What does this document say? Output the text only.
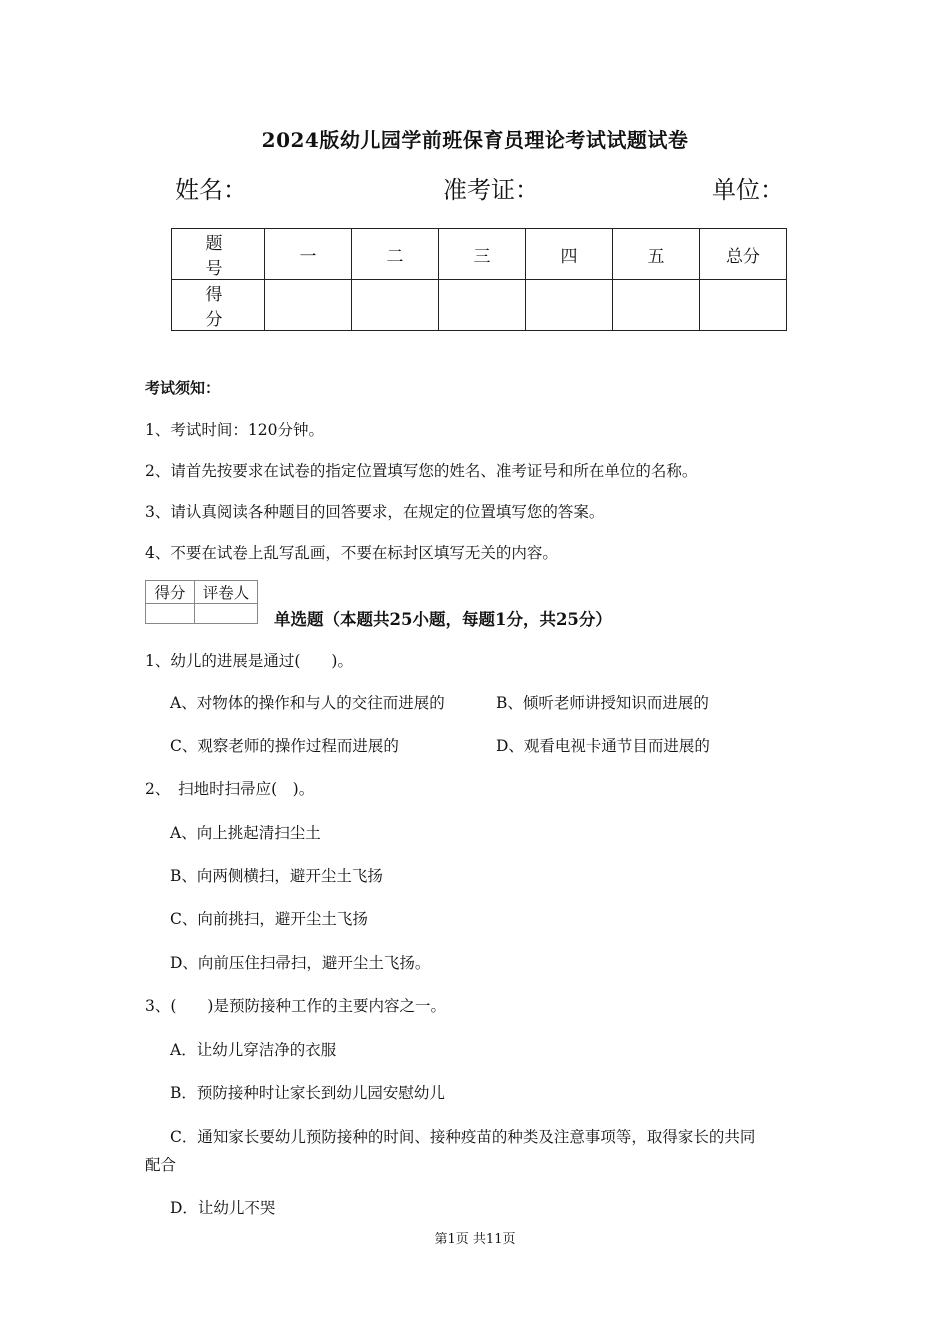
2024版幼儿园学前班保育员理论考试试题试卷
姓名：	准考证：	单位：
题　号	一	二	三	四	五	总分
得　分						
考试须知：
1、考试时间：120分钟。
2、请首先按要求在试卷的指定位置填写您的姓名、准考证号和所在单位的名称。
3、请认真阅读各种题目的回答要求，在规定的位置填写您的答案。
4、不要在试卷上乱写乱画，不要在标封区填写无关的内容。
得分	评卷人

单选题（本题共25小题，每题1分，共25分）
1、幼儿的进展是通过(　　)。
A、对物体的操作和与人的交往而进展的	B、倾听老师讲授知识而进展的
C、观察老师的操作过程而进展的	D、观看电视卡通节目而进展的
2、　扫地时扫帚应(　)。
A、向上挑起清扫尘土
B、向两侧横扫，避开尘土飞扬
C、向前挑扫，避开尘土飞扬
D、向前压住扫帚扫，避开尘土飞扬。
3、(　　)是预防接种工作的主要内容之一。
A．让幼儿穿洁净的衣服
B．预防接种时让家长到幼儿园安慰幼儿
C．通知家长要幼儿预防接种的时间、接种疫苗的种类及注意事项等，取得家长的共同
配合
D．让幼儿不哭
第1页 共11页
